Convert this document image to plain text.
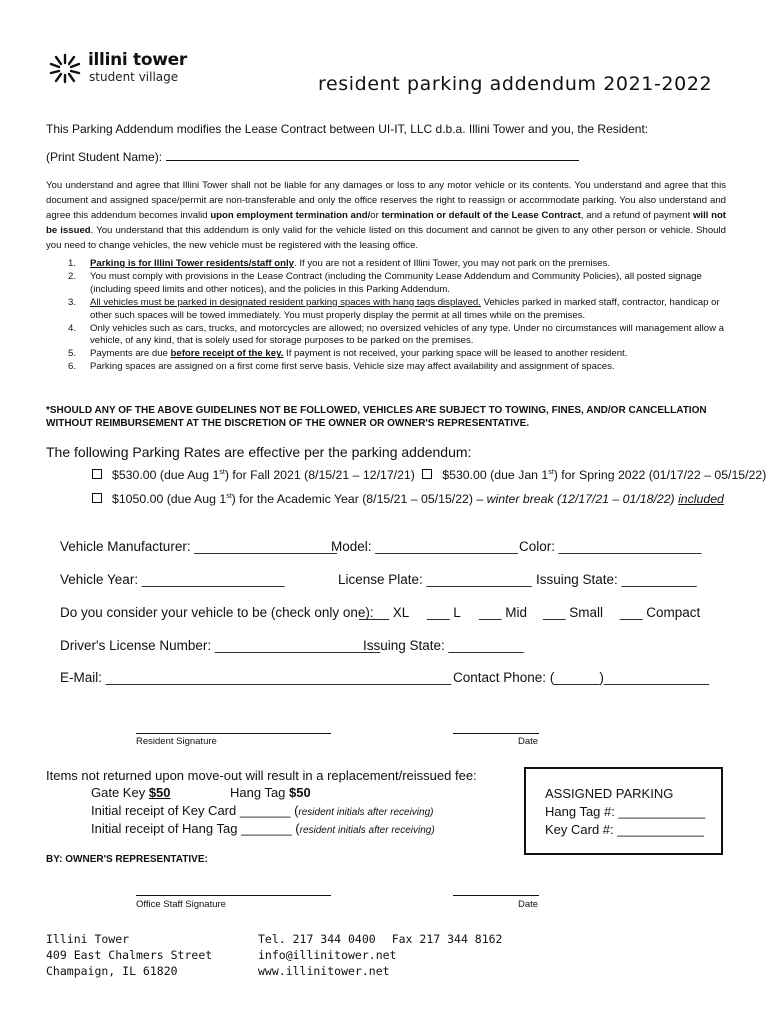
illini tower
student village	resident parking addendum 2021-2022
This Parking Addendum modifies the Lease Contract between UI-IT, LLC d.b.a. Illini Tower and you, the Resident:
(Print Student Name):

You understand and agree that Illini Tower shall not be liable for any damages or loss to any motor vehicle or its contents. You understand and agree that this document and assigned space/permit are non-transferable and only the office reserves the right to reassign or accommodate parking. You also understand and agree this addendum becomes invalid upon employment termination and/or termination or default of the Lease Contract, and a refund of payment will not be issued. You understand that this addendum is only valid for the vehicle listed on this document and cannot be given to any other person or vehicle. Should you need to change vehicles, the new vehicle must be registered with the leasing office.

1. Parking is for Illini Tower residents/staff only. If you are not a resident of Illini Tower, you may not park on the premises.
2. You must comply with provisions in the Lease Contract (including the Community Lease Addendum and Community Policies), all posted signage (including speed limits and other notices), and the policies in this Parking Addendum.
3. All vehicles must be parked in designated resident parking spaces with hang tags displayed. Vehicles parked in marked staff, contractor, handicap or other such spaces will be towed immediately. You must properly display the permit at all times while on the premises.
4. Only vehicles such as cars, trucks, and motorcycles are allowed; no oversized vehicles of any type. Under no circumstances will management allow a vehicle, of any kind, that is solely used for storage purposes to be parked on the premises.
5. Payments are due before receipt of the key. If payment is not received, your parking space will be leased to another resident.
6. Parking spaces are assigned on a first come first serve basis. Vehicle size may affect availability and assignment of spaces.
*SHOULD ANY OF THE ABOVE GUIDELINES NOT BE FOLLOWED, VEHICLES ARE SUBJECT TO TOWING, FINES, AND/OR CANCELLATION WITHOUT REIMBURSEMENT AT THE DISCRETION OF THE OWNER OR OWNER'S REPRESENTATIVE.
The following Parking Rates are effective per the parking addendum:
$530.00 (due Aug 1st) for Fall 2021 (8/15/21 – 12/17/21) $530.00 (due Jan 1st) for Spring 2022 (01/17/22 – 05/15/22)
$1050.00 (due Aug 1st) for the Academic Year (8/15/21 – 05/15/22) – winter break (12/17/21 – 01/18/22) included
Vehicle Manufacturer: ___________________
Model: ___________________ Color: ___________________
Vehicle Year: ___________________	License Plate: ______________ Issuing State: __________
Do you consider your vehicle to be (check only one):
____ XL ___ L ___ Mid ___ Small ___ Compact
Driver's License Number: ______________________
Issuing State: __________
E-Mail: ______________________________________________ Contact Phone: (______)______________
Resident Signature	Date
Items not returned upon move-out will result in a replacement/reissued fee:
Gate Key $50	Hang Tag $50
Initial receipt of Key Card _______ (resident initials after receiving)
Initial receipt of Hang Tag _______ (resident initials after receiving)
ASSIGNED PARKING
Hang Tag #: ____________
Key Card #: ____________
BY: OWNER'S REPRESENTATIVE:
Office Staff Signature	Date
Illini Tower
409 East Chalmers Street
Champaign, IL 61820
Tel. 217 344 0400 Fax 217 344 8162
info@illinitower.net
www.illinitower.net
